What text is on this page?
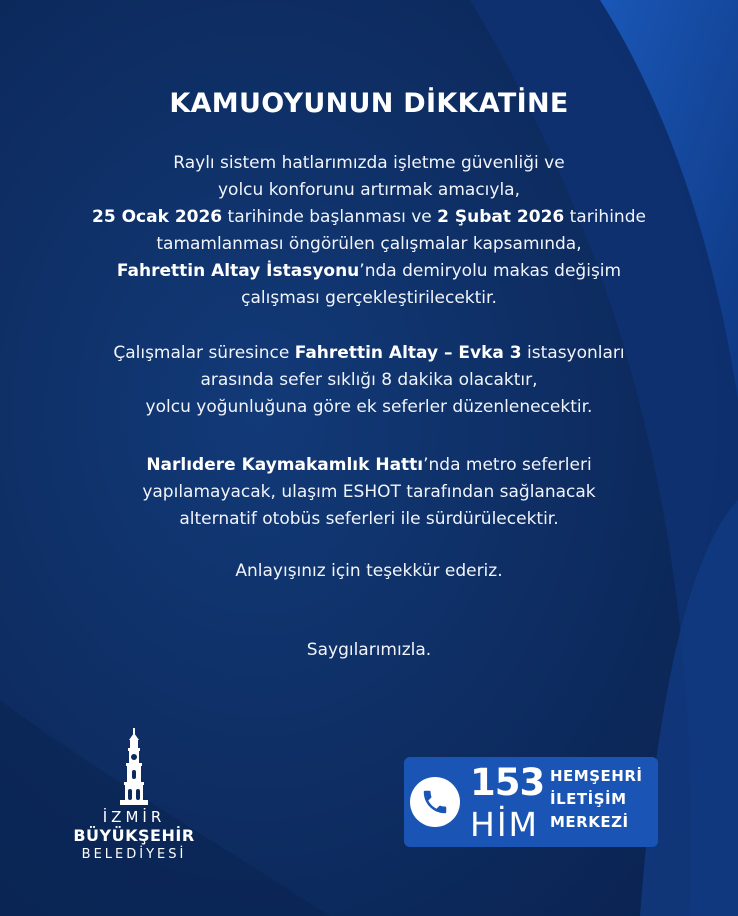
KAMUOYUNUN DİKKATİNE
Raylı sistem hatlarımızda işletme güvenliği ve
yolcu konforunu artırmak amacıyla,
25 Ocak 2026 tarihinde başlanması ve 2 Şubat 2026 tarihinde
tamamlanması öngörülen çalışmalar kapsamında,
Fahrettin Altay İstasyonu’nda demiryolu makas değişim
çalışması gerçekleştirilecektir.
Çalışmalar süresince Fahrettin Altay – Evka 3 istasyonları
arasında sefer sıklığı 8 dakika olacaktır,
yolcu yoğunluğuna göre ek seferler düzenlenecektir.
Narlıdere Kaymakamlık Hattı’nda metro seferleri
yapılamayacak, ulaşım ESHOT tarafından sağlanacak
alternatif otobüs seferleri ile sürdürülecektir.
Anlayışınız için teşekkür ederiz.
Saygılarımızla.
İZMİR
BÜYÜKŞEHİR
BELEDİYESİ
153
HİM
HEMŞEHRİ
İLETİŞİM
MERKEZİ
